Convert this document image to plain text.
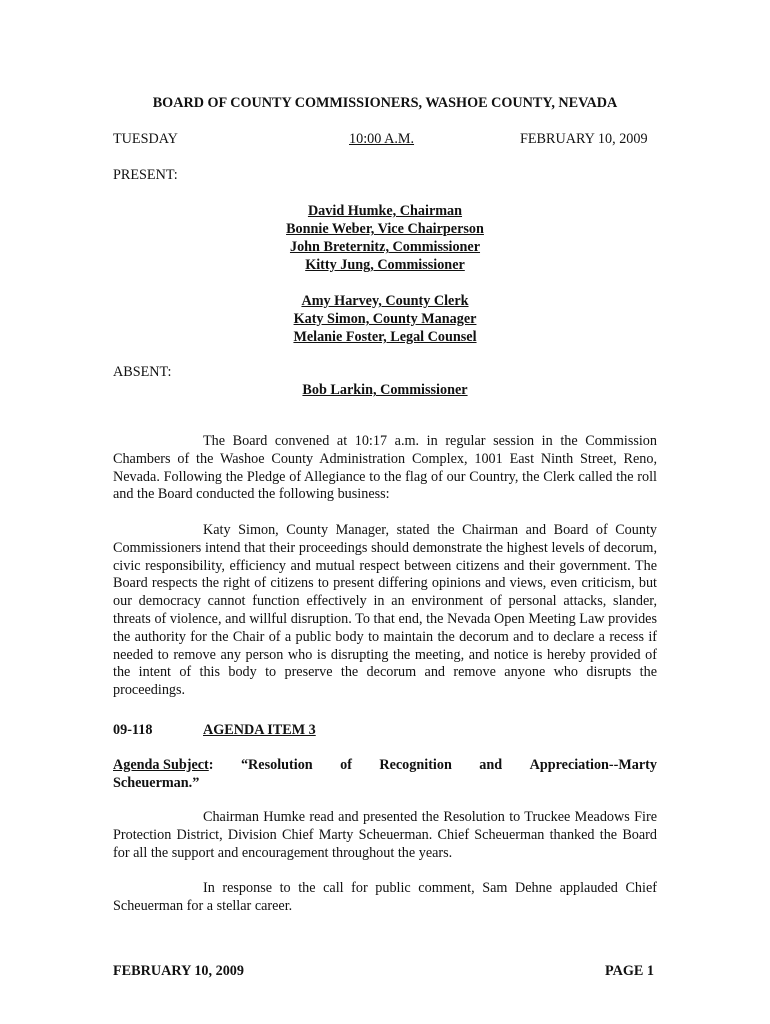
BOARD OF COUNTY COMMISSIONERS, WASHOE COUNTY, NEVADA
TUESDAY	10:00 A.M.	FEBRUARY 10, 2009
PRESENT:
David Humke, Chairman
Bonnie Weber, Vice Chairperson
John Breternitz, Commissioner
Kitty Jung, Commissioner
Amy Harvey, County Clerk
Katy Simon, County Manager
Melanie Foster, Legal Counsel
ABSENT:
Bob Larkin, Commissioner

The Board convened at 10:17 a.m. in regular session in the Commission Chambers of the Washoe County Administration Complex, 1001 East Ninth Street, Reno, Nevada. Following the Pledge of Allegiance to the flag of our Country, the Clerk called the roll and the Board conducted the following business:

Katy Simon, County Manager, stated the Chairman and Board of County Commissioners intend that their proceedings should demonstrate the highest levels of decorum, civic responsibility, efficiency and mutual respect between citizens and their government. The Board respects the right of citizens to present differing opinions and views, even criticism, but our democracy cannot function effectively in an environment of personal attacks, slander, threats of violence, and willful disruption. To that end, the Nevada Open Meeting Law provides the authority for the Chair of a public body to maintain the decorum and to declare a recess if needed to remove any person who is disrupting the meeting, and notice is hereby provided of the intent of this body to preserve the decorum and remove anyone who disrupts the proceedings.

09-118	AGENDA ITEM 3
Agenda Subject: “Resolution of Recognition and Appreciation--Marty
Scheuerman.”

Chairman Humke read and presented the Resolution to Truckee Meadows Fire Protection District, Division Chief Marty Scheuerman. Chief Scheuerman thanked the Board for all the support and encouragement throughout the years.

In response to the call for public comment, Sam Dehne applauded Chief Scheuerman for a stellar career.

FEBRUARY 10, 2009	PAGE 1
